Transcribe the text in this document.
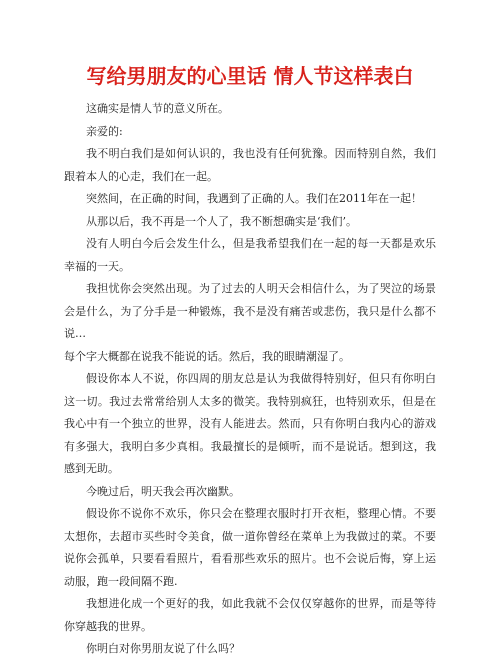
写给男朋友的心里话 情人节这样表白

这确实是情人节的意义所在。

亲爱的:

我不明白我们是如何认识的，我也没有任何犹豫。因而特别自然，我们跟着本人的心走，我们在一起。

突然间，在正确的时间，我遇到了正确的人。我们在2011年在一起！

从那以后，我不再是一个人了，我不断想确实是‘我们’。

没有人明白今后会发生什么，但是我希望我们在一起的每一天都是欢乐幸福的一天。

我担忧你会突然出现。为了过去的人明天会相信什么，为了哭泣的场景会是什么，为了分手是一种锻炼，我不是没有痛苦或悲伤，我只是什么都不说…

每个字大概都在说我不能说的话。然后，我的眼睛潮湿了。

假设你本人不说，你四周的朋友总是认为我做得特别好，但只有你明白这一切。我过去常常给别人太多的微笑。我特别疯狂，也特别欢乐，但是在我心中有一个独立的世界，没有人能进去。然而，只有你明白我内心的游戏有多强大，我明白多少真相。我最擅长的是倾听，而不是说话。想到这，我感到无助。

今晚过后，明天我会再次幽默。

假设你不说你不欢乐，你只会在整理衣服时打开衣柜，整理心情。不要太想你，去超市买些时令美食，做一道你曾经在菜单上为我做过的菜。不要说你会孤单，只要看看照片，看看那些欢乐的照片。也不会说后悔，穿上运动服，跑一段间隔不跑.

我想进化成一个更好的我，如此我就不会仅仅穿越你的世界，而是等待你穿越我的世界。

你明白对你男朋友说了什么吗？
